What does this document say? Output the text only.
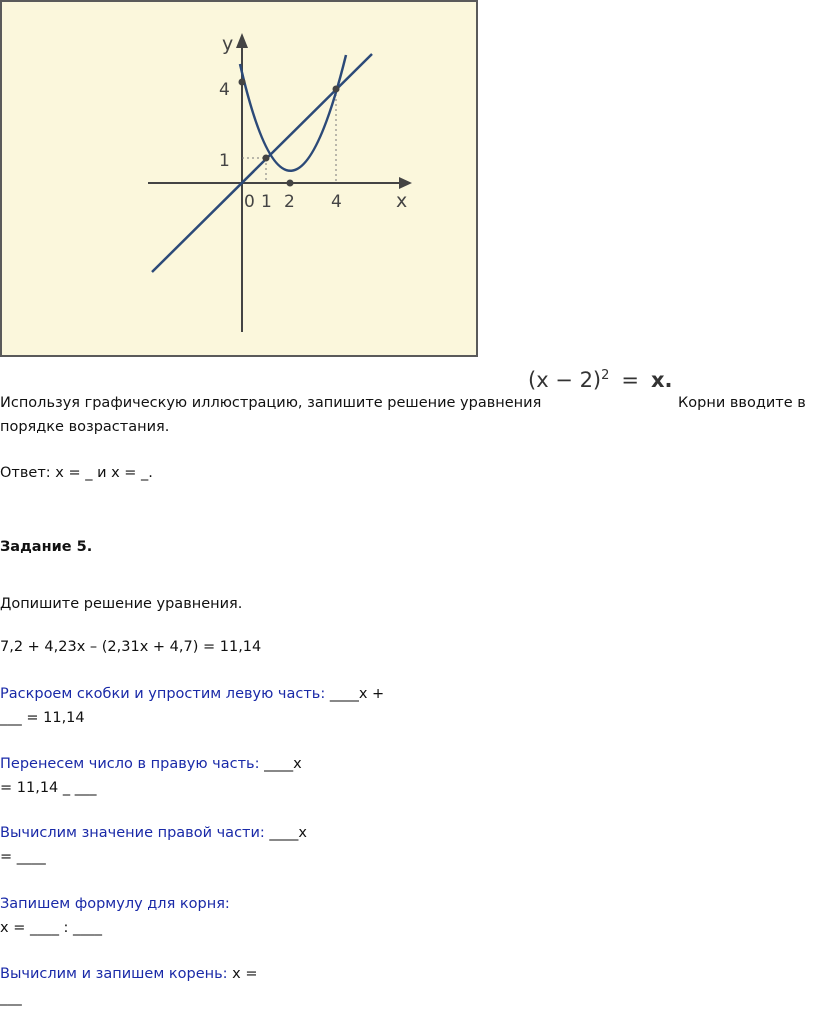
y
x
4
1
0 1 2 4
Используя графическую иллюстрацию, запишите решение уравнения
$(x - 2)^2 = x$.
Корни вводите в
порядке возрастания.
Ответ: x = _ и x = _.
Задание 5.
Допишите решение уравнения.
7,2 + 4,23x – (2,31x + 4,7) = 11,14
Раскроем скобки и упростим левую часть: ____x +
___ = 11,14
Перенесем число в правую часть: ____x
= 11,14 _ ___
Вычислим значение правой части: ____x
= ____
Запишем формулу для корня:
x = ____ : ____
Вычислим и запишем корень: x =
___
